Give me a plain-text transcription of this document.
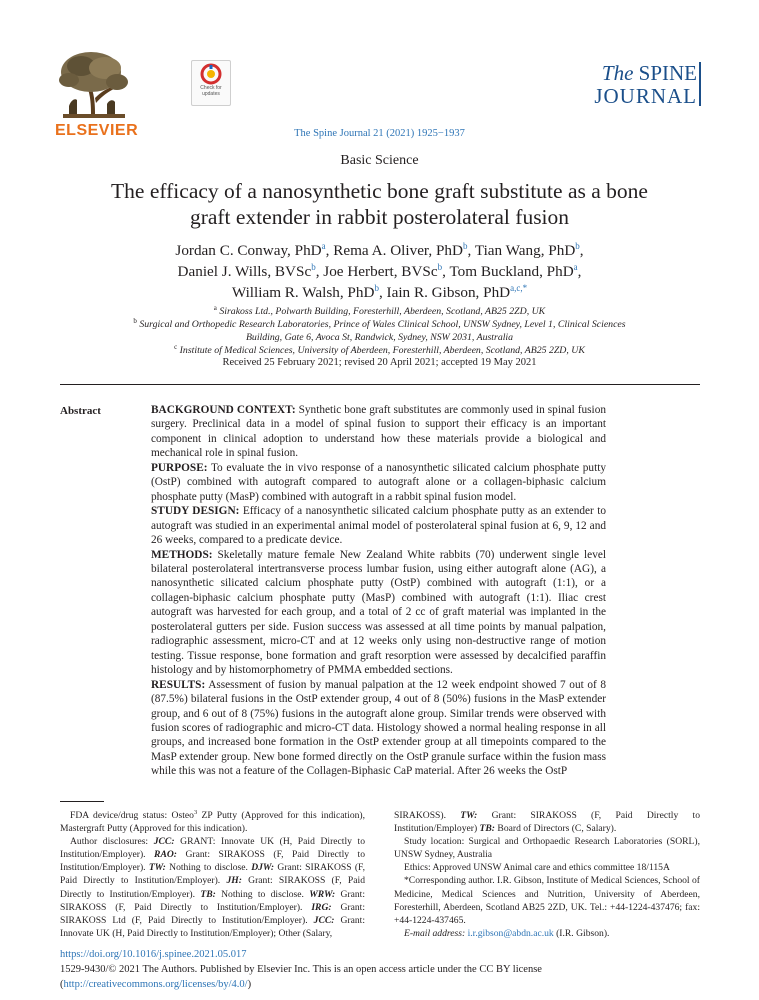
ELSEVIER
Check for updates
The SPINE
JOURNAL
The Spine Journal 21 (2021) 1925−1937
Basic Science
The efficacy of a nanosynthetic bone graft substitute as a bone graft extender in rabbit posterolateral fusion
Jordan C. Conway, PhD$^a$, Rema A. Oliver, PhD$^b$, Tian Wang, PhD$^b$,
Daniel J. Wills, BVSc$^b$, Joe Herbert, BVSc$^b$, Tom Buckland, PhD$^a$,
William R. Walsh, PhD$^b$, Iain R. Gibson, PhD$^{a,c,*}$
$^a$ Sirakoss Ltd., Polwarth Building, Foresterhill, Aberdeen, Scotland, AB25 2ZD, UK
$^b$ Surgical and Orthopedic Research Laboratories, Prince of Wales Clinical School, UNSW Sydney, Level 1, Clinical Sciences
Building, Gate 6, Avoca St, Randwick, Sydney, NSW 2031, Australia
$^c$ Institute of Medical Sciences, University of Aberdeen, Foresterhill, Aberdeen, Scotland, AB25 2ZD, UK
Received 25 February 2021; revised 20 April 2021; accepted 19 May 2021
Abstract	BACKGROUND CONTEXT: Synthetic bone graft substitutes are commonly used in spinal fusion surgery. Preclinical data in a model of spinal fusion to support their efficacy is an important component in clinical adoption to understand how these materials provide a biological and mechanical role in spinal fusion.

PURPOSE: To evaluate the in vivo response of a nanosynthetic silicated calcium phosphate putty (OstP) combined with autograft compared to autograft alone or a collagen-biphasic calcium phosphate putty (MasP) combined with autograft in a rabbit spinal fusion model.

STUDY DESIGN: Efficacy of a nanosynthetic silicated calcium phosphate putty as an extender to autograft was studied in an experimental animal model of posterolateral spinal fusion at 6, 9, 12 and 26 weeks, compared to a predicate device.

METHODS: Skeletally mature female New Zealand White rabbits (70) underwent single level bilateral posterolateral intertransverse process lumbar fusion, using either autograft alone (AG), a nanosynthetic silicated calcium phosphate putty (OstP) combined with autograft (1:1), or a collagen-biphasic calcium phosphate putty (MasP) combined with autograft (1:1). Iliac crest autograft was harvested for each group, and a total of 2 cc of graft material was implanted in the posterolateral gutters per side. Fusion success was assessed at all time points by manual palpation, radiographic assessment, micro-CT and at 12 weeks only using non-destructive range of motion testing. Tissue response, bone formation and graft resorption were assessed by decalcified paraffin histology and by histomorphometry of PMMA embedded sections.

RESULTS: Assessment of fusion by manual palpation at the 12 week endpoint showed 7 out of 8 (87.5%) bilateral fusions in the OstP extender group, 4 out of 8 (50%) fusions in the MasP extender group, and 6 out of 8 (75%) fusions in the autograft alone group. Similar trends were observed with fusion scores of radiographic and micro-CT data. Histology showed a normal healing response in all groups, and increased bone formation in the OstP extender group at all timepoints compared to the MasP extender group. New bone formed directly on the OstP granule surface within the fusion mass while this was not a feature of the Collagen-Biphasic CaP material. After 26 weeks the OstP

FDA device/drug status: Osteo$^3$ ZP Putty (Approved for this indication), Mastergraft Putty (Approved for this indication).

Author disclosures: JCC: GRANT: Innovate UK (H, Paid Directly to Institution/Employer). RAO: Grant: SIRAKOSS (F, Paid Directly to Institution/Employer). TW: Nothing to disclose. DJW: Grant: SIRAKOSS (F, Paid Directly to Institution/Employer). JH: Grant: SIRAKOSS (F, Paid Directly to Institution/Employer). TB: Nothing to disclose. WRW: Grant: SIRAKOSS (F, Paid Directly to Institution/Employer). IRG: Grant: SIRAKOSS Ltd (F, Paid Directly to Institution/Employer). JCC: Grant: Innovate UK (H, Paid Directly to Institution/Employer); Other (Salary,

SIRAKOSS). TW: Grant: SIRAKOSS (F, Paid Directly to Institution/Employer) TB: Board of Directors (C, Salary).

Study location: Surgical and Orthopaedic Research Laboratories (SORL), UNSW Sydney, Australia

Ethics: Approved UNSW Animal care and ethics committee 18/115A

*Corresponding author. I.R. Gibson, Institute of Medical Sciences, School of Medicine, Medical Sciences and Nutrition, University of Aberdeen, Foresterhill, Aberdeen, Scotland AB25 2ZD, UK. Tel.: +44-1224-437476; fax: +44-1224-437465.

E-mail address: i.r.gibson@abdn.ac.uk (I.R. Gibson).

https://doi.org/10.1016/j.spinee.2021.05.017
1529-9430/© 2021 The Authors. Published by Elsevier Inc. This is an open access article under the CC BY license
(http://creativecommons.org/licenses/by/4.0/)
